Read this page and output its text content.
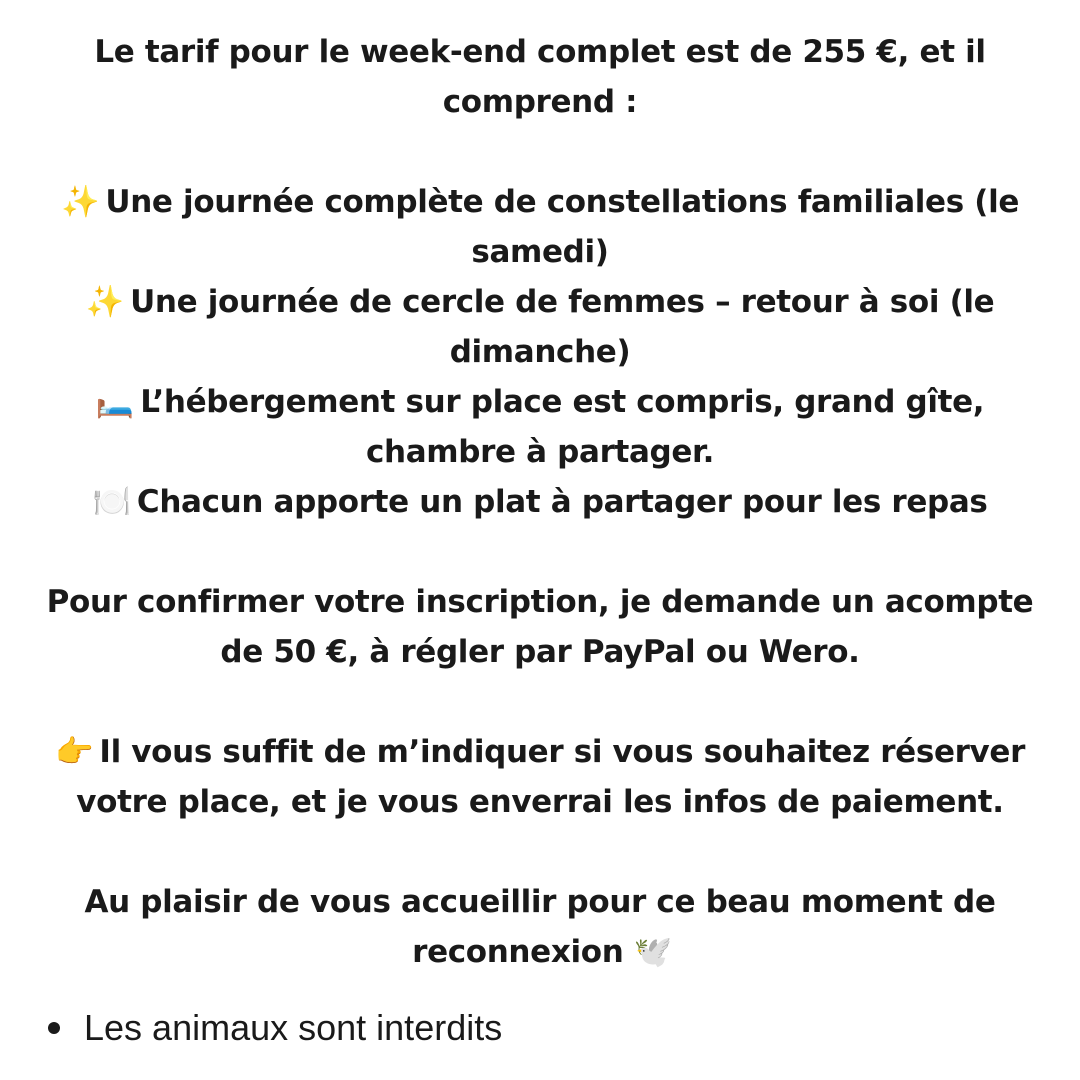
Le tarif pour le week-end complet est de 255 €, et il
comprend :
✨ Une journée complète de constellations familiales (le
samedi)
✨ Une journée de cercle de femmes – retour à soi (le
dimanche)
🛏️ L’hébergement sur place est compris, grand gîte,
chambre à partager.
🍽️ Chacun apporte un plat à partager pour les repas
Pour confirmer votre inscription, je demande un acompte
de 50 €, à régler par PayPal ou Wero.
👉 Il vous suffit de m’indiquer si vous souhaitez réserver
votre place, et je vous enverrai les infos de paiement.
Au plaisir de vous accueillir pour ce beau moment de
reconnexion 🕊️
Les animaux sont interdits
